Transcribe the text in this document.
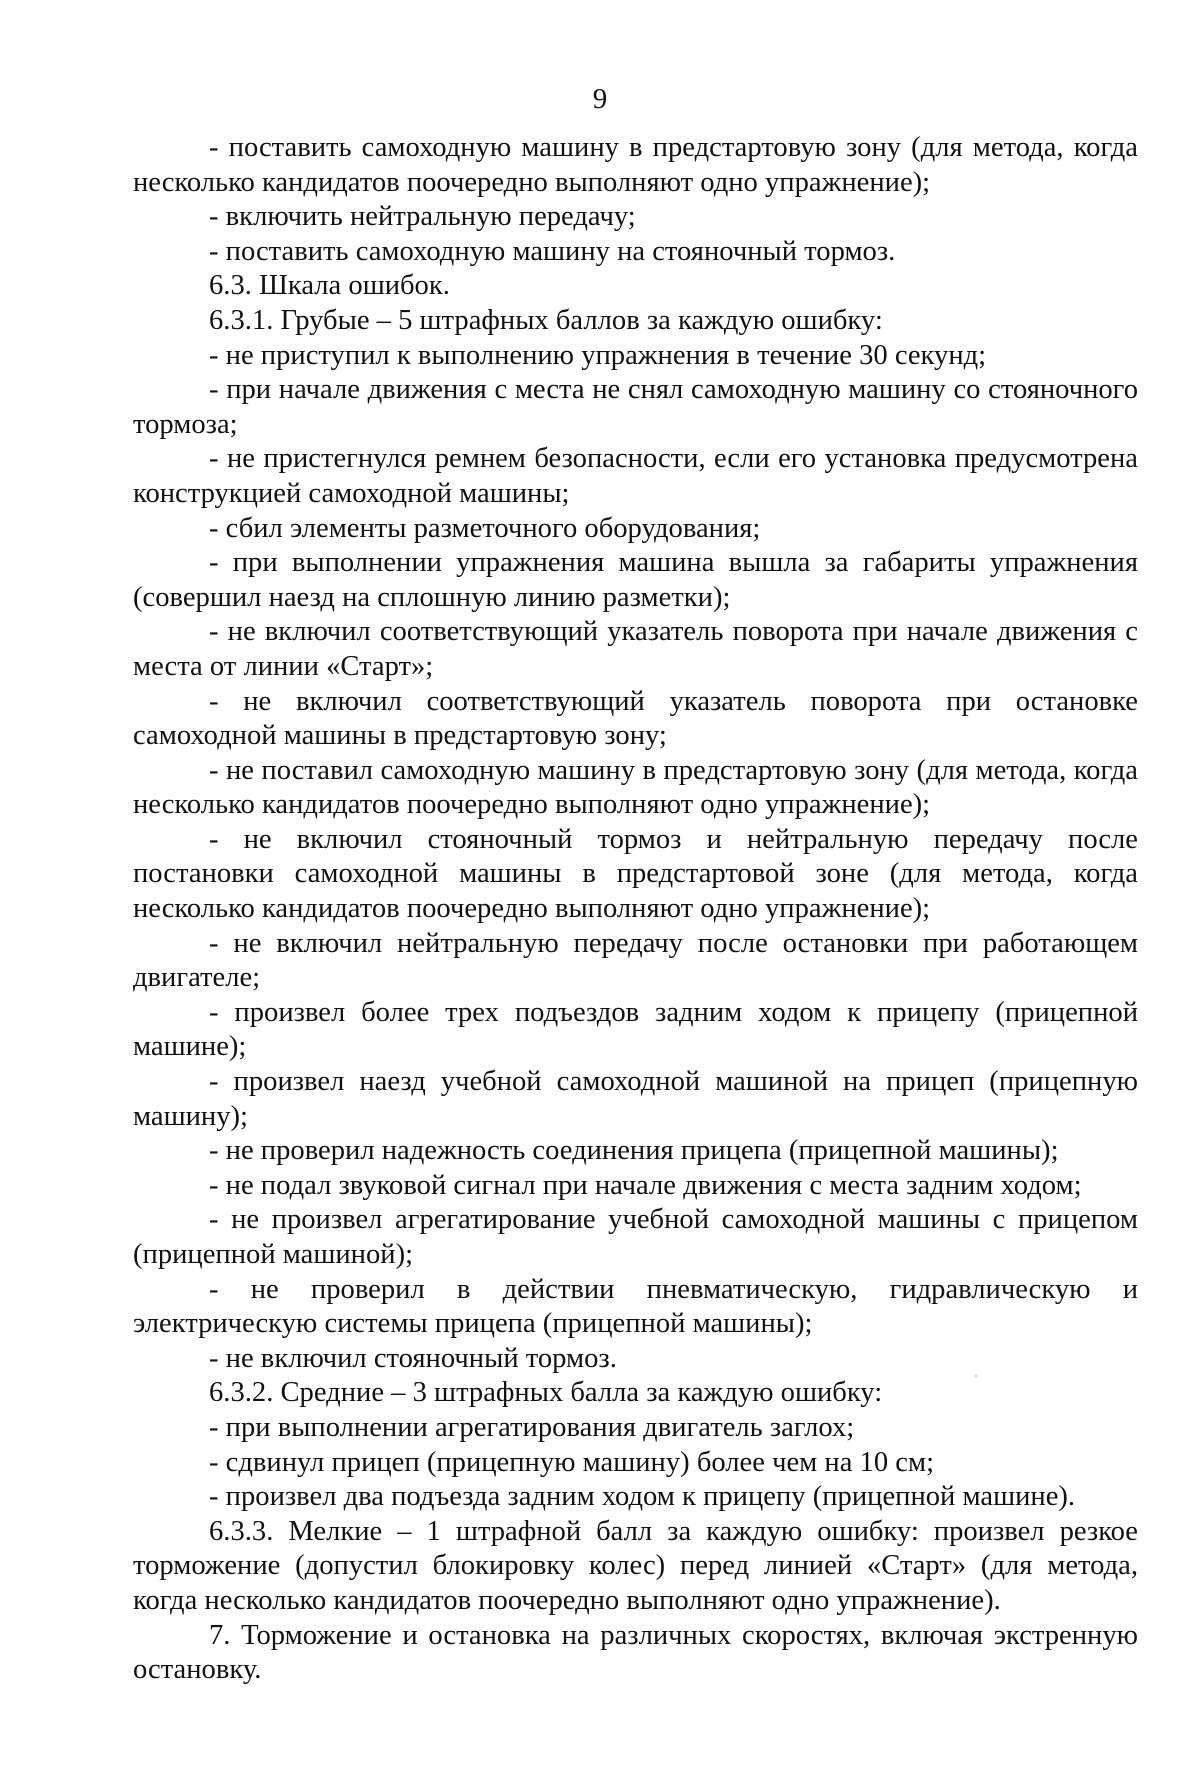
9

- поставить самоходную машину в предстартовую зону (для метода, когда несколько кандидатов поочередно выполняют одно упражнение);

- включить нейтральную передачу;

- поставить самоходную машину на стояночный тормоз.

6.3. Шкала ошибок.

6.3.1. Грубые – 5 штрафных баллов за каждую ошибку:

- не приступил к выполнению упражнения в течение 30 секунд;

- при начале движения с места не снял самоходную машину со стояночного тормоза;

- не пристегнулся ремнем безопасности, если его установка предусмотрена конструкцией самоходной машины;

- сбил элементы разметочного оборудования;

- при выполнении упражнения машина вышла за габариты упражнения (совершил наезд на сплошную линию разметки);

- не включил соответствующий указатель поворота при начале движения с места от линии «Старт»;

- не включил соответствующий указатель поворота при остановке самоходной машины в предстартовую зону;

- не поставил самоходную машину в предстартовую зону (для метода, когда несколько кандидатов поочередно выполняют одно упражнение);

- не включил стояночный тормоз и нейтральную передачу после постановки самоходной машины в предстартовой зоне (для метода, когда несколько кандидатов поочередно выполняют одно упражнение);

- не включил нейтральную передачу после остановки при работающем двигателе;

- произвел более трех подъездов задним ходом к прицепу (прицепной машине);

- произвел наезд учебной самоходной машиной на прицеп (прицепную машину);

- не проверил надежность соединения прицепа (прицепной машины);

- не подал звуковой сигнал при начале движения с места задним ходом;

- не произвел агрегатирование учебной самоходной машины с прицепом (прицепной машиной);

- не проверил в действии пневматическую, гидравлическую и электрическую системы прицепа (прицепной машины);

- не включил стояночный тормоз.

6.3.2. Средние – 3 штрафных балла за каждую ошибку:

- при выполнении агрегатирования двигатель заглох;

- сдвинул прицеп (прицепную машину) более чем на 10 см;

- произвел два подъезда задним ходом к прицепу (прицепной машине).

6.3.3. Мелкие – 1 штрафной балл за каждую ошибку: произвел резкое торможение (допустил блокировку колес) перед линией «Старт» (для метода, когда несколько кандидатов поочередно выполняют одно упражнение).

7. Торможение и остановка на различных скоростях, включая экстренную остановку.
